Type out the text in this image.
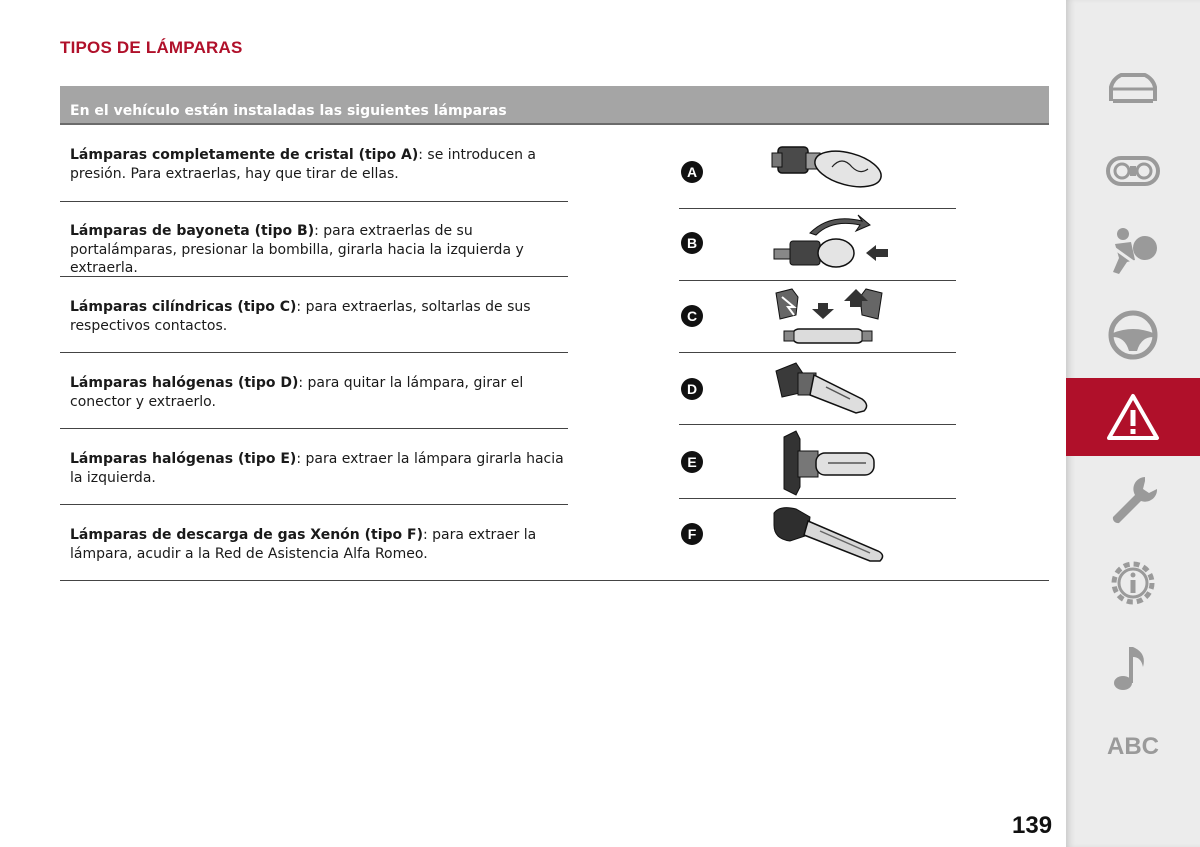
TIPOS DE LÁMPARAS
En el vehículo están instaladas las siguientes lámparas
Lámparas completamente de cristal (tipo A): se introducen a presión. Para extraerlas, hay que tirar de ellas.	A
Lámparas de bayoneta (tipo B): para extraerlas de su portalámparas, presionar la bombilla, girarla hacia la izquierda y extraerla.
B
Lámparas cilíndricas (tipo C): para extraerlas, soltarlas de sus respectivos contactos.
C
Lámparas halógenas (tipo D): para quitar la lámpara, girar el conector y extraerlo.
D
Lámparas halógenas (tipo E): para extraer la lámpara girarla hacia la izquierda.
E
Lámparas de descarga de gas Xenón (tipo F): para extraer la lámpara, acudir a la Red de Asistencia Alfa Romeo.
F
ABC
139
